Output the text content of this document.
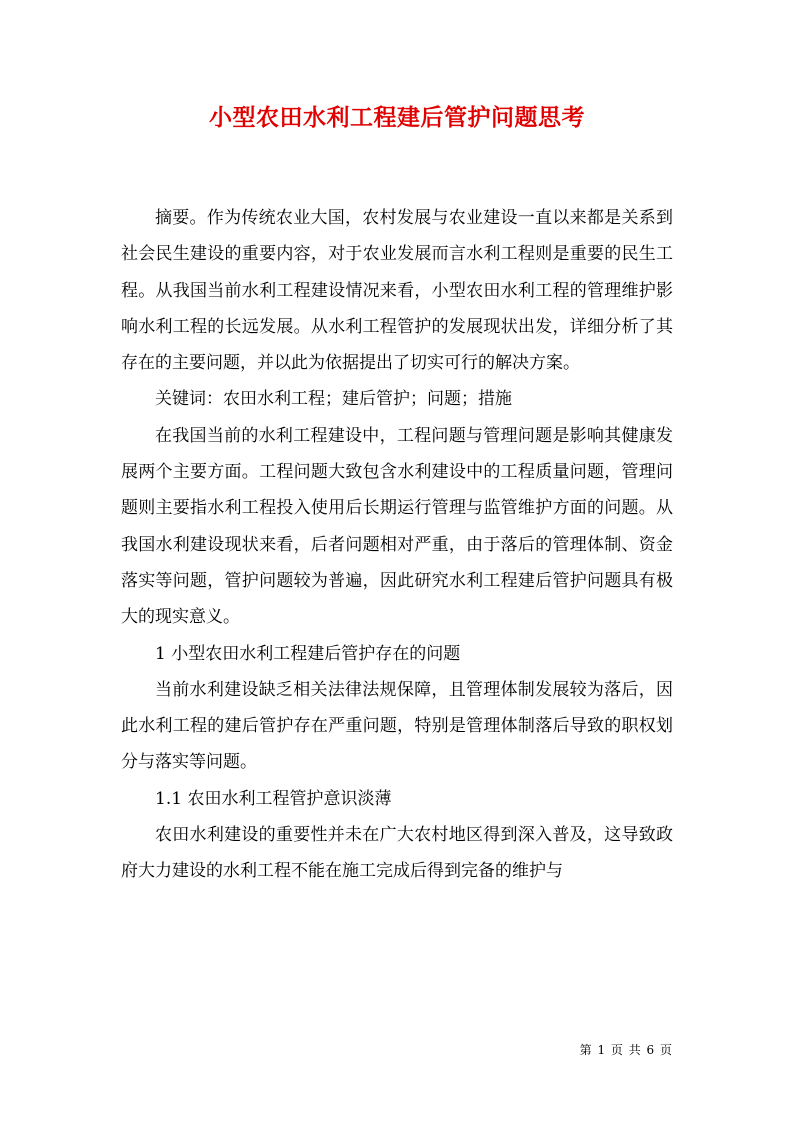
小型农田水利工程建后管护问题思考

摘要。作为传统农业大国，农村发展与农业建设一直以来都是关系到社会民生建设的重要内容，对于农业发展而言水利工程则是重要的民生工程。从我国当前水利工程建设情况来看，小型农田水利工程的管理维护影响水利工程的长远发展。从水利工程管护的发展现状出发，详细分析了其存在的主要问题，并以此为依据提出了切实可行的解决方案。

关键词：农田水利工程；建后管护；问题；措施

在我国当前的水利工程建设中，工程问题与管理问题是影响其健康发展两个主要方面。工程问题大致包含水利建设中的工程质量问题，管理问题则主要指水利工程投入使用后长期运行管理与监管维护方面的问题。从我国水利建设现状来看，后者问题相对严重，由于落后的管理体制、资金落实等问题，管护问题较为普遍，因此研究水利工程建后管护问题具有极大的现实意义。

1 小型农田水利工程建后管护存在的问题

当前水利建设缺乏相关法律法规保障，且管理体制发展较为落后，因此水利工程的建后管护存在严重问题，特别是管理体制落后导致的职权划分与落实等问题。

1.1 农田水利工程管护意识淡薄

农田水利建设的重要性并未在广大农村地区得到深入普及，这导致政府大力建设的水利工程不能在施工完成后得到完备的维护与

第 1 页 共 6 页
